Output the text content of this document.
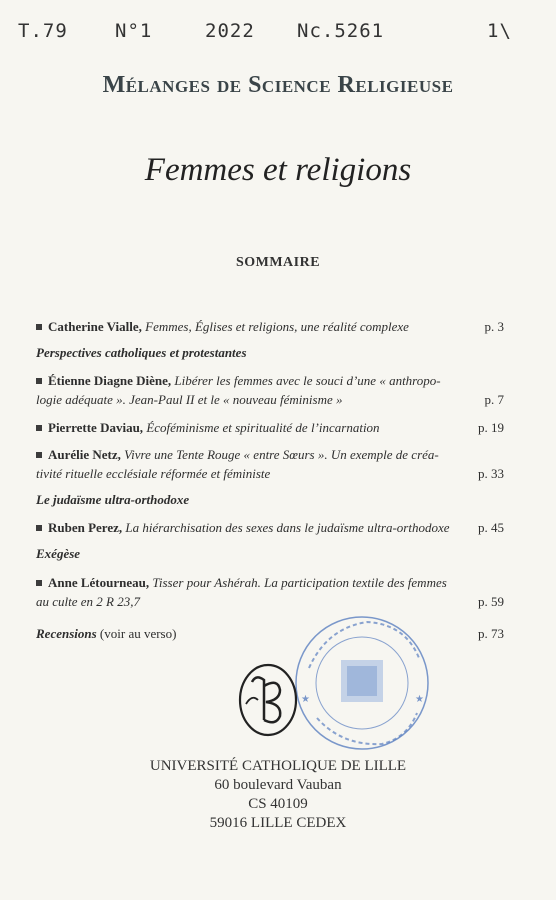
T.79 N°1	2022 Nc.5261	1\
Mélanges de Science Religieuse
Femmes et religions
SOMMAIRE
Catherine Vialle, Femmes, Églises et religions, une réalité complexe	p. 3
Perspectives catholiques et protestantes
Étienne Diagne Diène, Libérer les femmes avec le souci d’une « anthropo-
logie adéquate ». Jean-Paul II et le « nouveau féminisme »	p. 7
Pierrette Daviau, Écoféminisme et spiritualité de l’incarnation	p. 19
Aurélie Netz, Vivre une Tente Rouge « entre Sœurs ». Un exemple de créa-
tivité rituelle ecclésiale réformée et féministe	p. 33
Le judaïsme ultra-orthodoxe
Ruben Perez, La hiérarchisation des sexes dans le judaïsme ultra-orthodoxe p. 45
Exégèse
Anne Létourneau, Tisser pour Ashérah. La participation textile des femmes
au culte en 2 R 23,7	p. 59
Recensions (voir au verso)	p. 73
★	★
UNIVERSITÉ CATHOLIQUE DE LILLE
60 boulevard Vauban
CS 40109
59016 LILLE CEDEX
